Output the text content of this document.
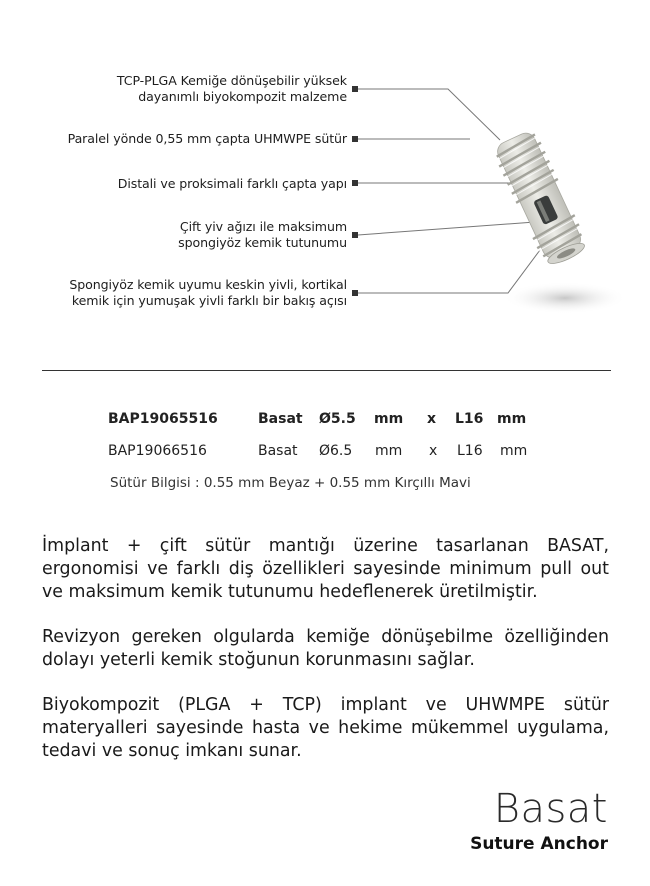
TCP-PLGA Kemiğe dönüşebilir yüksek
dayanımlı biyokompozit malzeme
Paralel yönde 0,55 mm çapta UHMWPE sütür
Distali ve proksimali farklı çapta yapı
Çift yiv ağızı ile maksimum
spongiyöz kemik tutunumu
Spongiyöz kemik uyumu keskin yivli, kortikal
kemik için yumuşak yivli farklı bir bakış açısı
BAP19065516	Basat Ø5.5 mm x L16 mm
BAP19066516	Basat Ø6.5 mm x L16 mm
Sütür Bilgisi : 0.55 mm Beyaz + 0.55 mm Kırçıllı Mavi

İmplant + çift sütür mantığı üzerine tasarlanan BASAT, ergonomisi ve farklı diş özellikleri sayesinde minimum pull out ve maksimum kemik tutunumu hedeflenerek üretilmiştir.

Revizyon gereken olgularda kemiğe dönüşebilme özelliğinden dolayı yeterli kemik stoğunun korunmasını sağlar.

Biyokompozit (PLGA + TCP) implant ve UHWMPE sütür materyalleri sayesinde hasta ve hekime mükemmel uygulama, tedavi ve sonuç imkanı sunar.

Basat
Suture Anchor
